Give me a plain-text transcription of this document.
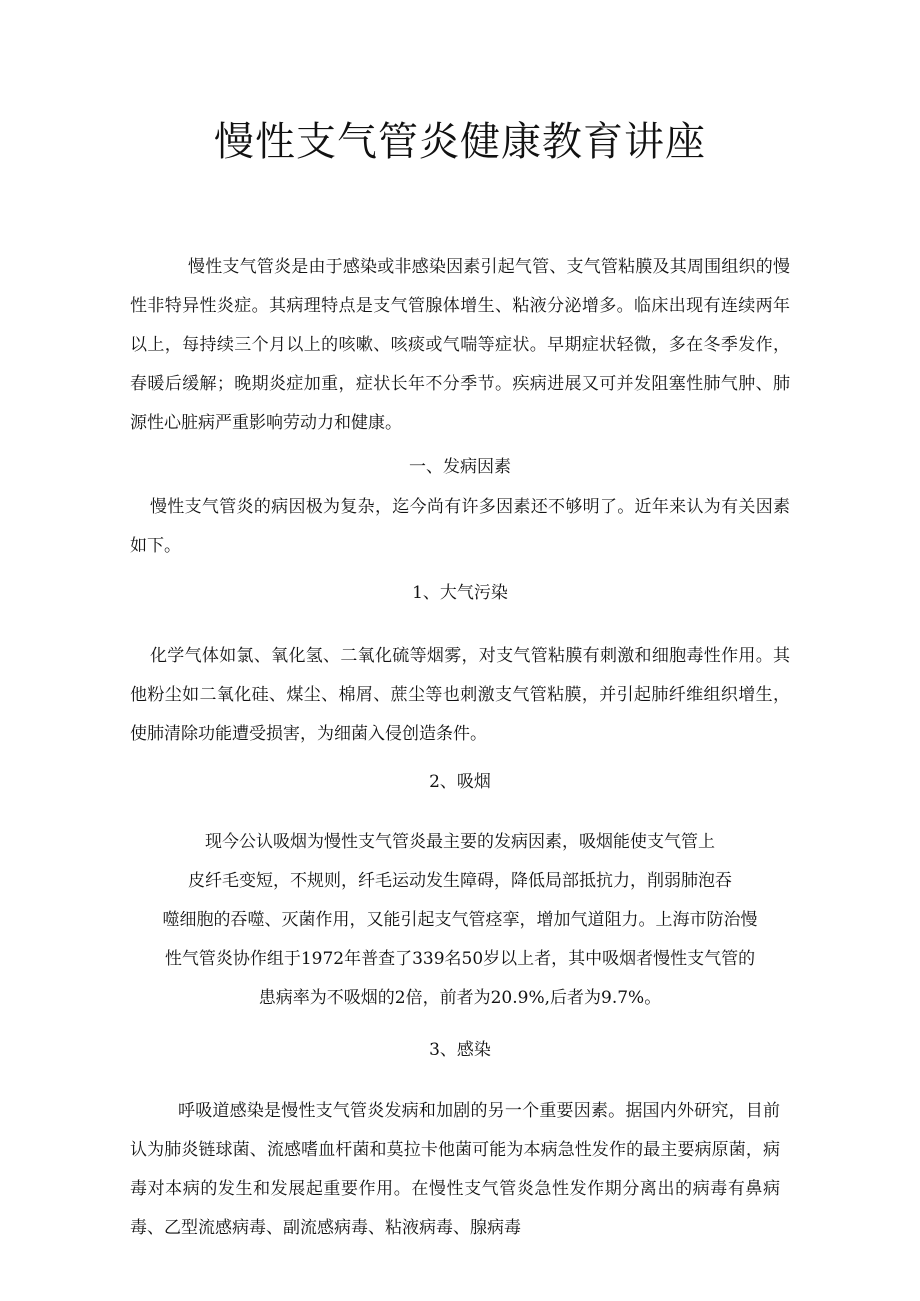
慢性支气管炎健康教育讲座

慢性支气管炎是由于感染或非感染因素引起气管、支气管粘膜及其周围组织的慢性非特异性炎症。其病理特点是支气管腺体增生、粘液分泌增多。临床出现有连续两年以上，每持续三个月以上的咳嗽、咳痰或气喘等症状。早期症状轻微，多在冬季发作，春暖后缓解；晚期炎症加重，症状长年不分季节。疾病进展又可并发阻塞性肺气肿、肺源性心脏病严重影响劳动力和健康。

一、发病因素

慢性支气管炎的病因极为复杂，迄今尚有许多因素还不够明了。近年来认为有关因素如下。

1、大气污染

化学气体如氯、氧化氢、二氧化硫等烟雾，对支气管粘膜有刺激和细胞毒性作用。其他粉尘如二氧化硅、煤尘、棉屑、蔗尘等也刺激支气管粘膜，并引起肺纤维组织增生，使肺清除功能遭受损害，为细菌入侵创造条件。

2、吸烟

现今公认吸烟为慢性支气管炎最主要的发病因素，吸烟能使支气管上
皮纤毛变短，不规则，纤毛运动发生障碍，降低局部抵抗力，削弱肺泡吞
噬细胞的吞噬、灭菌作用，又能引起支气管痉挛，增加气道阻力。上海市防治慢
性气管炎协作组于1972年普查了339名50岁以上者，其中吸烟者慢性支气管的
患病率为不吸烟的2倍，前者为20.9%,后者为9.7%。

3、感染

呼吸道感染是慢性支气管炎发病和加剧的另一个重要因素。据国内外研究，目前认为肺炎链球菌、流感嗜血杆菌和莫拉卡他菌可能为本病急性发作的最主要病原菌，病毒对本病的发生和发展起重要作用。在慢性支气管炎急性发作期分离出的病毒有鼻病毒、乙型流感病毒、副流感病毒、粘液病毒、腺病毒
